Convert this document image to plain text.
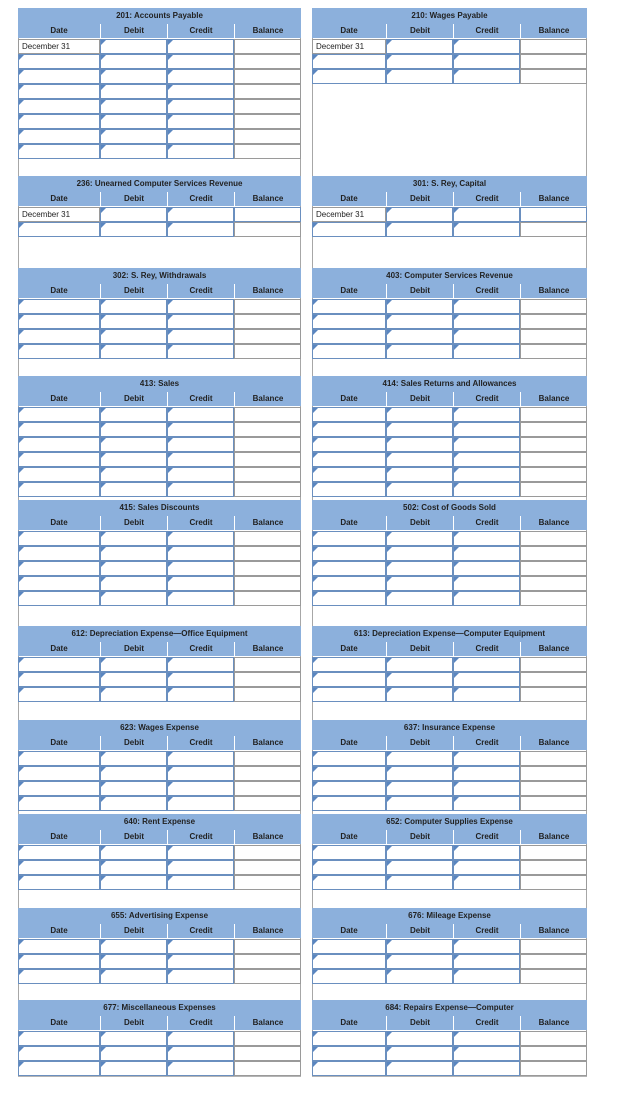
201: Accounts Payable
Date	Debit	Credit	Balance
December 31
236: Unearned Computer Services Revenue
Date	Debit	Credit	Balance
December 31
302: S. Rey, Withdrawals
Date	Debit	Credit	Balance
413: Sales
Date	Debit	Credit	Balance
415: Sales Discounts
Date	Debit	Credit	Balance
612: Depreciation Expense—Office Equipment
Date	Debit	Credit	Balance
623: Wages Expense
Date	Debit	Credit	Balance
640: Rent Expense
Date	Debit	Credit	Balance
655: Advertising Expense
Date	Debit	Credit	Balance
677: Miscellaneous Expenses
Date	Debit	Credit	Balance
210: Wages Payable
Date	Debit	Credit	Balance
December 31
301: S. Rey, Capital
Date	Debit	Credit	Balance
December 31
403: Computer Services Revenue
Date	Debit	Credit	Balance
414: Sales Returns and Allowances
Date	Debit	Credit	Balance
502: Cost of Goods Sold
Date	Debit	Credit	Balance
613: Depreciation Expense—Computer Equipment
Date	Debit	Credit	Balance
637: Insurance Expense
Date	Debit	Credit	Balance
652: Computer Supplies Expense
Date	Debit	Credit	Balance
676: Mileage Expense
Date	Debit	Credit	Balance
684: Repairs Expense—Computer
Date	Debit	Credit	Balance
